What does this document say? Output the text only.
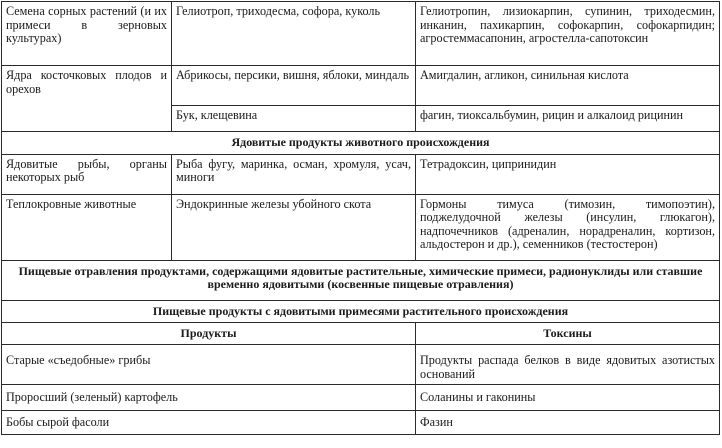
Семена сорных растений (и их примеси в зерновых культурах)	Гелиотроп, триходесма, софора, куколь	Гелиотропин, лизиокарпин, супинин, триходесмин, инканин, пахикарпин, софокарпин, софокарпидин; агростеммасапонин, агростелла-сапотоксин

Ядра косточковых плодов и орехов	Абрикосы, персики, вишня, яблоки, миндаль	Амигдалин, агликон, синильная кислота

	Бук, клещевина	фагин, тиоксальбумин, рицин и алкалоид рицинин

Ядовитые продукты животного происхождения		

Ядовитые рыбы, органы некоторых рыб	Рыба фугу, маринка, осман, хромуля, усач, миноги	Тетрадоксин, ципринидин

Теплокровные животные	Эндокринные железы убойного скота	Гормоны тимуса (тимозин, тимопоэтин), поджелудочной железы (инсулин, глюкагон), надпочечников (адреналин, норадреналин, кортизон, альдостерон и др.), семенников (тестостерон)

Пищевые отравления продуктами, содержащими ядовитые растительные, химические примеси, радионуклиды или ставшие временно ядовитыми (косвенные пищевые отравления)		
Пищевые продукты с ядовитыми примесями растительного происхождения		
Продукты		Токсины

Старые «съедобные» грибы		Продукты распада белков в виде ядовитых азотистых оснований

Проросший (зеленый) картофель		Соланины и гаконины

Бобы сырой фасоли		Фазин
